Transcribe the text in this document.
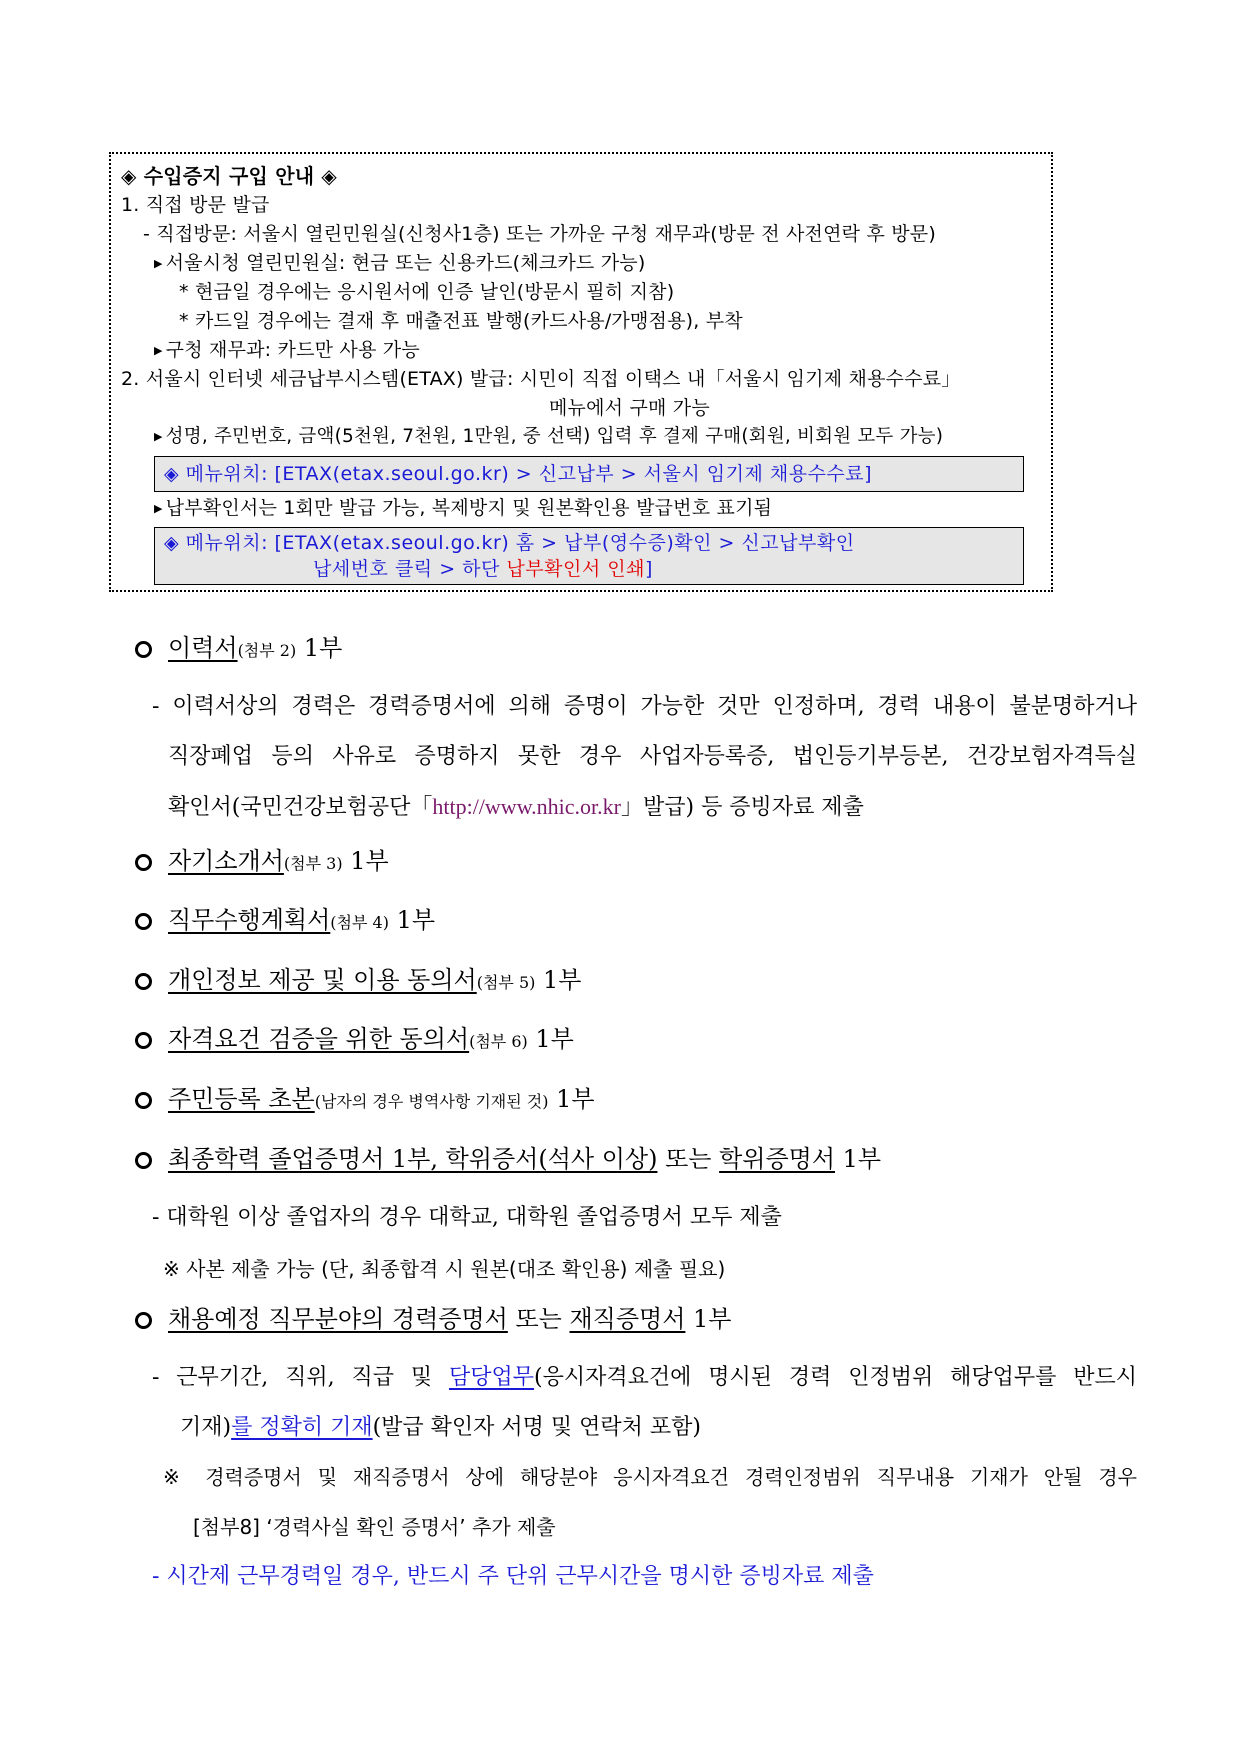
◈ 수입증지 구입 안내 ◈
1. 직접 방문 발급
- 직접방문: 서울시 열린민원실(신청사1층) 또는 가까운 구청 재무과(방문 전 사전연락 후 방문)
▶ 서울시청 열린민원실: 현금 또는 신용카드(체크카드 가능)
* 현금일 경우에는 응시원서에 인증 날인(방문시 필히 지참)
* 카드일 경우에는 결재 후 매출전표 발행(카드사용/가맹점용), 부착
▶ 구청 재무과: 카드만 사용 가능
2. 서울시 인터넷 세금납부시스템(ETAX) 발급: 시민이 직접 이택스 내「서울시 임기제 채용수수료」
메뉴에서 구매 가능
▶ 성명, 주민번호, 금액(5천원, 7천원, 1만원, 중 선택) 입력 후 결제 구매(회원, 비회원 모두 가능)
◈ 메뉴위치: [ETAX(etax.seoul.go.kr) > 신고납부 > 서울시 임기제 채용수수료]
▶ 납부확인서는 1회만 발급 가능, 복제방지 및 원본확인용 발급번호 표기됨
◈ 메뉴위치: [ETAX(etax.seoul.go.kr) 홈 > 납부(영수증)확인 > 신고납부확인
납세번호 클릭 > 하단 납부확인서 인쇄]
이력서(첨부 2) 1부
- 이력서상의 경력은 경력증명서에 의해 증명이 가능한 것만 인정하며, 경력 내용이 불분명하거나
직장폐업 등의 사유로 증명하지 못한 경우 사업자등록증, 법인등기부등본, 건강보험자격득실
확인서(국민건강보험공단「http://www.nhic.or.kr」발급) 등 증빙자료 제출
자기소개서(첨부 3) 1부
직무수행계획서(첨부 4) 1부
개인정보 제공 및 이용 동의서(첨부 5) 1부
자격요건 검증을 위한 동의서(첨부 6) 1부
주민등록 초본(남자의 경우 병역사항 기재된 것) 1부
최종학력 졸업증명서 1부, 학위증서(석사 이상) 또는 학위증명서 1부
- 대학원 이상 졸업자의 경우 대학교, 대학원 졸업증명서 모두 제출
※ 사본 제출 가능 (단, 최종합격 시 원본(대조 확인용) 제출 필요)
채용예정 직무분야의 경력증명서 또는 재직증명서 1부
- 근무기간, 직위, 직급 및 담당업무(응시자격요건에 명시된 경력 인정범위 해당업무를 반드시
기재)를 정확히 기재(발급 확인자 서명 및 연락처 포함)
※ 경력증명서 및 재직증명서 상에 해당분야 응시자격요건 경력인정범위 직무내용 기재가 안될 경우
[첨부8] ‘경력사실 확인 증명서’ 추가 제출
- 시간제 근무경력일 경우, 반드시 주 단위 근무시간을 명시한 증빙자료 제출
